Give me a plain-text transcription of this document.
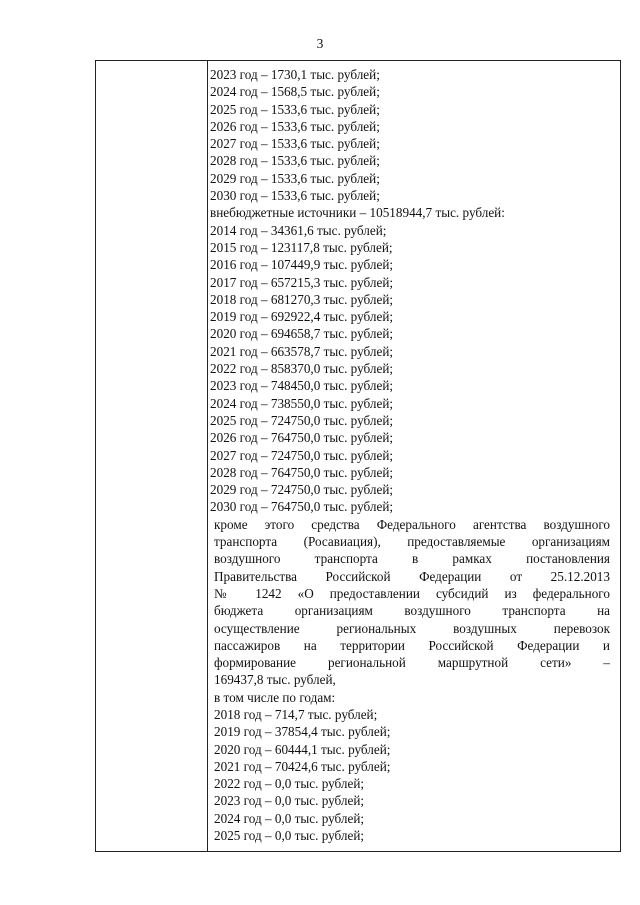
3
2023 год – 1730,1 тыс. рублей;
2024 год – 1568,5 тыс. рублей;
2025 год – 1533,6 тыс. рублей;
2026 год – 1533,6 тыс. рублей;
2027 год – 1533,6 тыс. рублей;
2028 год – 1533,6 тыс. рублей;
2029 год – 1533,6 тыс. рублей;
2030 год – 1533,6 тыс. рублей;
внебюджетные источники – 10518944,7 тыс. рублей:
2014 год – 34361,6 тыс. рублей;
2015 год – 123117,8 тыс. рублей;
2016 год – 107449,9 тыс. рублей;
2017 год – 657215,3 тыс. рублей;
2018 год – 681270,3 тыс. рублей;
2019 год – 692922,4 тыс. рублей;
2020 год – 694658,7 тыс. рублей;
2021 год – 663578,7 тыс. рублей;
2022 год – 858370,0 тыс. рублей;
2023 год – 748450,0 тыс. рублей;
2024 год – 738550,0 тыс. рублей;
2025 год – 724750,0 тыс. рублей;
2026 год – 764750,0 тыс. рублей;
2027 год – 724750,0 тыс. рублей;
2028 год – 764750,0 тыс. рублей;
2029 год – 724750,0 тыс. рублей;
2030 год – 764750,0 тыс. рублей;
кроме этого средства Федерального агентства воздушного
транспорта (Росавиация), предоставляемые организациям
воздушного транспорта в рамках постановления
Правительства Российской Федерации от 25.12.2013
№ 1242 «О предоставлении субсидий из федерального
бюджета организациям воздушного транспорта на
осуществление региональных воздушных перевозок
пассажиров на территории Российской Федерации и
формирование региональной маршрутной сети» –
169437,8 тыс. рублей,
в том числе по годам:
2018 год – 714,7 тыс. рублей;
2019 год – 37854,4 тыс. рублей;
2020 год – 60444,1 тыс. рублей;
2021 год – 70424,6 тыс. рублей;
2022 год – 0,0 тыс. рублей;
2023 год – 0,0 тыс. рублей;
2024 год – 0,0 тыс. рублей;
2025 год – 0,0 тыс. рублей;
